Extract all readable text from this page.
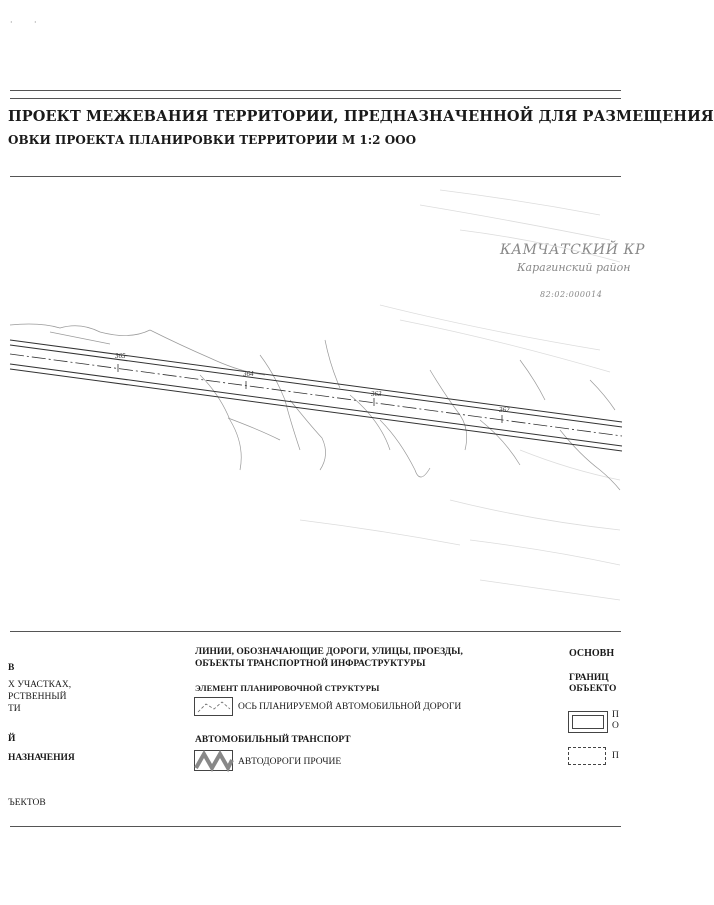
·	·
ПРОЕКТ МЕЖЕВАНИЯ ТЕРРИТОРИИ, ПРЕДНАЗНАЧЕННОЙ ДЛЯ РАЗМЕЩЕНИЯ
ОВКИ ПРОЕКТА ПЛАНИРОВКИ ТЕРРИТОРИИ М 1:2 ООО
КАМЧАТСКИЙ КР
Карагинский район
82:02:000014
365
364
363
362
В
Х УЧАСТКАХ,
РСТВЕННЫЙ
ТИ
Й
НАЗНАЧЕНИЯ
ЪЕКТОВ
ЛИНИИ, ОБОЗНАЧАЮЩИЕ ДОРОГИ, УЛИЦЫ, ПРОЕЗДЫ,
ОБЪЕКТЫ ТРАНСПОРТНОЙ ИНФРАСТРУКТУРЫ
ЭЛЕМЕНТ ПЛАНИРОВОЧНОЙ СТРУКТУРЫ
ОСЬ ПЛАНИРУЕМОЙ АВТОМОБИЛЬНОЙ ДОРОГИ
АВТОМОБИЛЬНЫЙ ТРАНСПОРТ
АВТОДОРОГИ ПРОЧИЕ
ОСНОВН
ГРАНИЦ
ОБЪЕКТО
П
О
П
